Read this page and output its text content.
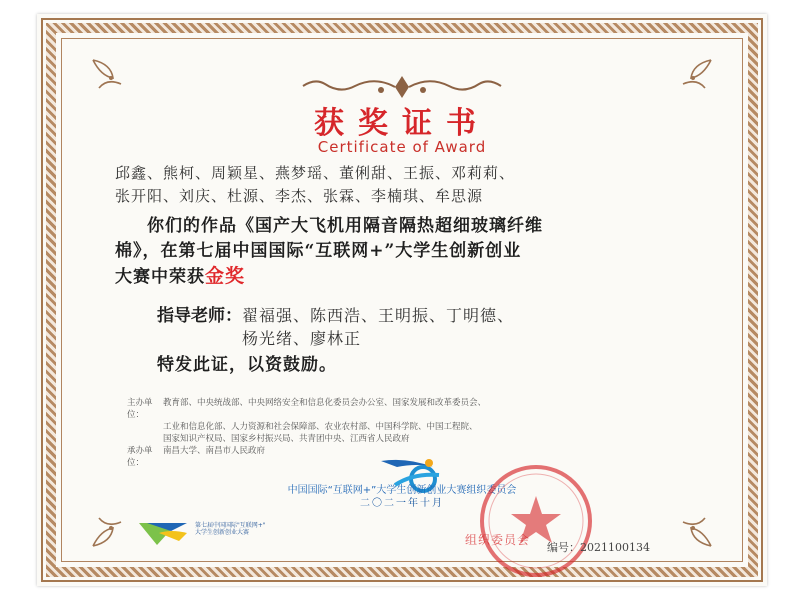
获奖证书
Certificate of Award
邱鑫、熊柯、周颖星、燕梦瑶、董俐甜、王振、邓莉莉、
张开阳、刘庆、杜源、李杰、张霖、李楠琪、牟思源
你们的作品《国产大飞机用隔音隔热超细玻璃纤维
棉》，在第七届中国国际“互联网+”大学生创新创业
大赛中荣获金奖
指导老师：翟福强、陈西浩、王明振、丁明德、
杨光绪、廖林正
特发此证，以资鼓励。
主办单位：
教育部、中央统战部、中央网络安全和信息化委员会办公室、国家发展和改革委员会、
工业和信息化部、人力资源和社会保障部、农业农村部、中国科学院、中国工程院、
国家知识产权局、国家乡村振兴局、共青团中央、江西省人民政府
承办单位：
南昌大学、南昌市人民政府
中国国际“互联网+”大学生创新创业大赛组织委员会
二〇二一年十月
组织委员会
第七届中国国际"互联网+"
大学生创新创业大赛
编号：2021100134
